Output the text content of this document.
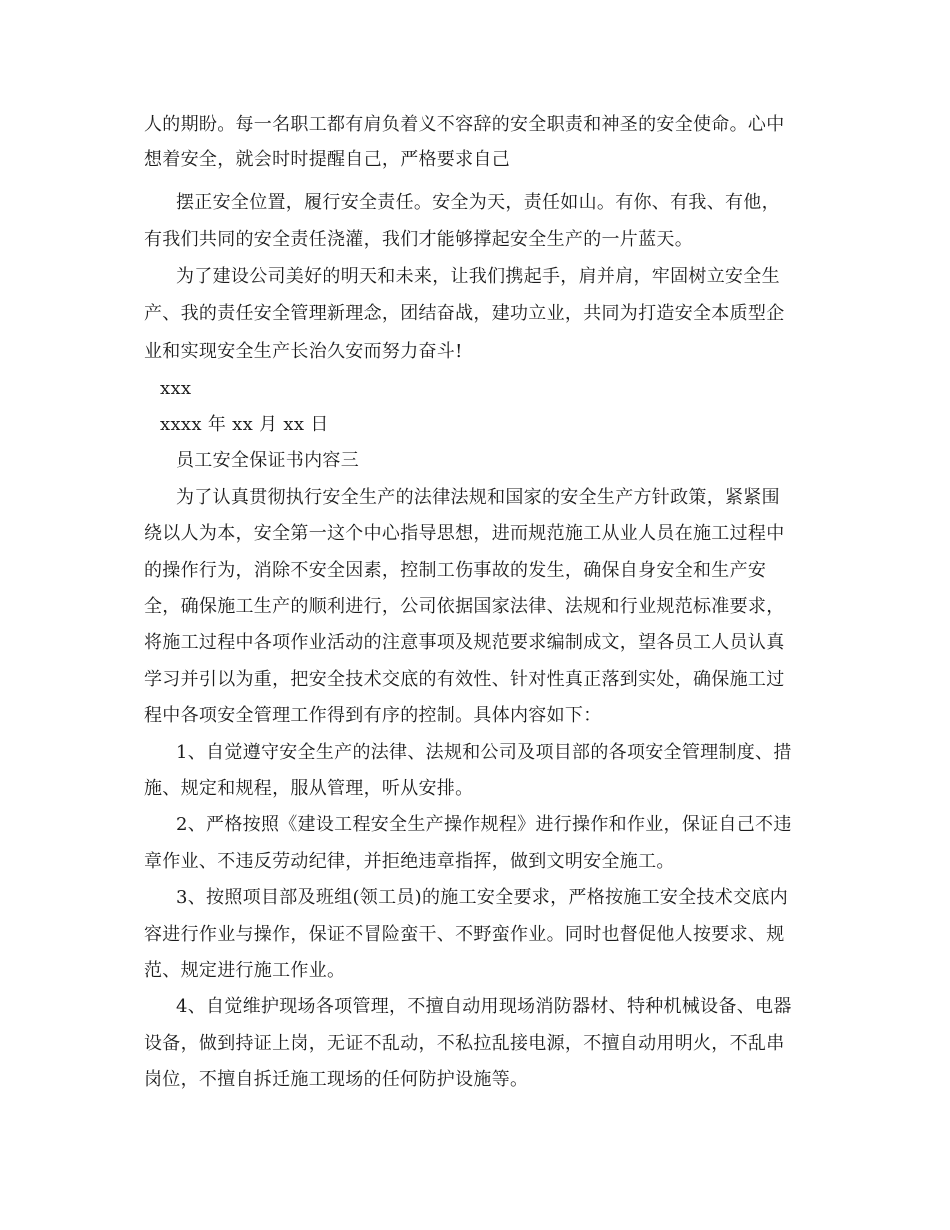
人的期盼。每一名职工都有肩负着义不容辞的安全职责和神圣的安全使命。心中
想着安全，就会时时提醒自己，严格要求自己
摆正安全位置，履行安全责任。安全为天，责任如山。有你、有我、有他，
有我们共同的安全责任浇灌，我们才能够撑起安全生产的一片蓝天。
为了建设公司美好的明天和未来，让我们携起手，肩并肩，牢固树立安全生
产、我的责任安全管理新理念，团结奋战，建功立业，共同为打造安全本质型企
业和实现安全生产长治久安而努力奋斗!
xxx
xxxx 年 xx 月 xx 日
员工安全保证书内容三
为了认真贯彻执行安全生产的法律法规和国家的安全生产方针政策，紧紧围
绕以人为本，安全第一这个中心指导思想，进而规范施工从业人员在施工过程中
的操作行为，消除不安全因素，控制工伤事故的发生，确保自身安全和生产安
全，确保施工生产的顺利进行，公司依据国家法律、法规和行业规范标准要求，
将施工过程中各项作业活动的注意事项及规范要求编制成文，望各员工人员认真
学习并引以为重，把安全技术交底的有效性、针对性真正落到实处，确保施工过
程中各项安全管理工作得到有序的控制。具体内容如下：
1、自觉遵守安全生产的法律、法规和公司及项目部的各项安全管理制度、措
施、规定和规程，服从管理，听从安排。
2、严格按照《建设工程安全生产操作规程》进行操作和作业，保证自己不违
章作业、不违反劳动纪律，并拒绝违章指挥，做到文明安全施工。
3、按照项目部及班组(领工员)的施工安全要求，严格按施工安全技术交底内
容进行作业与操作，保证不冒险蛮干、不野蛮作业。同时也督促他人按要求、规
范、规定进行施工作业。
4、自觉维护现场各项管理，不擅自动用现场消防器材、特种机械设备、电器
设备，做到持证上岗，无证不乱动，不私拉乱接电源，不擅自动用明火，不乱串
岗位，不擅自拆迁施工现场的任何防护设施等。
